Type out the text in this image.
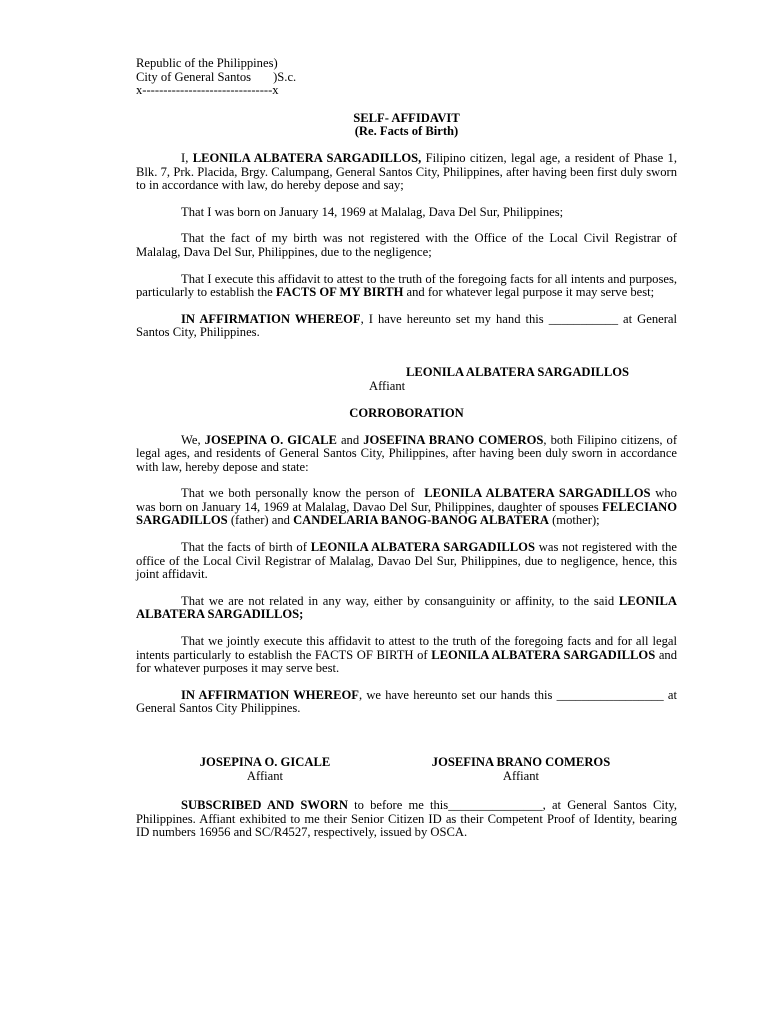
Republic of the Philippines)
City of General Santos       )S.c.
x-------------------------------x
SELF- AFFIDAVIT
(Re. Facts of Birth)

I, LEONILA ALBATERA SARGADILLOS, Filipino citizen, legal age, a resident of Phase 1, Blk. 7, Prk. Placida, Brgy. Calumpang, General Santos City, Philippines, after having been first duly sworn to in accordance with law, do hereby depose and say;

That I was born on January 14, 1969 at Malalag, Dava Del Sur, Philippines;

That the fact of my birth was not registered with the Office of the Local Civil Registrar of Malalag, Dava Del Sur, Philippines, due to the negligence;

That I execute this affidavit to attest to the truth of the foregoing facts for all intents and purposes, particularly to establish the FACTS OF MY BIRTH and for whatever legal purpose it may serve best;

IN AFFIRMATION WHEREOF, I have hereunto set my hand this ___________ at General Santos City, Philippines.

LEONILA ALBATERA SARGADILLOS
Affiant
CORROBORATION

We, JOSEPINA O. GICALE and JOSEFINA BRANO COMEROS, both Filipino citizens, of legal ages, and residents of General Santos City, Philippines, after having been duly sworn in accordance with law, hereby depose and state:

That we both personally know the person of  LEONILA ALBATERA SARGADILLOS who was born on January 14, 1969 at Malalag, Davao Del Sur, Philippines, daughter of spouses FELECIANO SARGADILLOS (father) and CANDELARIA BANOG-BANOG ALBATERA (mother);

That the facts of birth of LEONILA ALBATERA SARGADILLOS was not registered with the office of the Local Civil Registrar of Malalag, Davao Del Sur, Philippines, due to negligence, hence, this joint affidavit.

That we are not related in any way, either by consanguinity or affinity, to the said LEONILA ALBATERA SARGADILLOS;

That we jointly execute this affidavit to attest to the truth of the foregoing facts and for all legal intents particularly to establish the FACTS OF BIRTH of LEONILA ALBATERA SARGADILLOS and for whatever purposes it may serve best.

IN AFFIRMATION WHEREOF, we have hereunto set our hands this _________________ at General Santos City Philippines.

JOSEPINA O. GICALE
Affiant
JOSEFINA BRANO COMEROS
Affiant

SUBSCRIBED AND SWORN to before me this_______________, at General Santos City, Philippines. Affiant exhibited to me their Senior Citizen ID as their Competent Proof of Identity, bearing ID numbers 16956 and SC/R4527, respectively, issued by OSCA.
